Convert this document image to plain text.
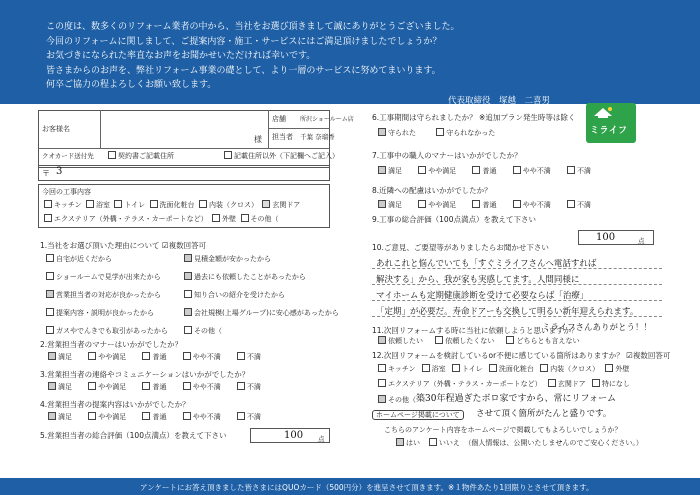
この度は、数多くのリフォーム業者の中から、当社をお選び頂きまして誠にありがとうございました。
今回のリフォームに関しまして、ご提案内容・施工・サービスにはご満足頂けましたでしょうか？
お気づきになられた率直なお声をお聞かせいただければ幸いです。
皆さまからのお声を、弊社リフォーム事業の礎として、より一層のサービスに努めてまいります。
何卒ご協力の程よろしくお願い致します。
代表取締役　塚越　二喜男
ミライフ
お客様名
様
店舗 所沢ショールーム店
担当者 千葉 奈瑠香
クオカード送付先	契約書ご記載住所	記載住所以外（下記欄へご記入）
〒 3
今回の工事内容
キッチン 浴室 トイレ 洗面化粧台 内装（クロス） 玄関ドア
エクステリア（外構・テラス・カーポートなど） 外壁 その他（
1.当社をお選び頂いた理由について ☑複数回答可
自宅が近くだから
ショールームで見学が出来たから
営業担当者の対応が良かったから
提案内容・説明が良かったから
ガスやでんきでも取引があったから
見積金額が安かったから
過去にも依頼したことがあったから
知り合いの紹介を受けたから
会社規模(上場グループ)に安心感があったから
その他（
2.営業担当者のマナーはいかがでしたか？
満足	やや満足	普通	やや不満	不満
3.営業担当者の連絡やコミュニケーションはいかがでしたか？
満足	やや満足	普通	やや不満	不満
4.営業担当者の提案内容はいかがでしたか？
満足	やや満足	普通	やや不満	不満
5.営業担当者の総合評価（100点満点）を教えて下さい	100 点
6.工事期間は守られましたか？ ※追加プラン発生時等は除く
守られた	守られなかった
7.工事中の職人のマナーはいかがでしたか？
満足	やや満足	普通	やや不満	不満
8.近隣への配慮はいかがでしたか？
満足	やや満足	普通	やや不満	不満
9.工事の総合評価（100点満点）を教えて下さい
100	点
10.ご意見、ご要望等がありましたらお聞かせ下さい
あれこれと悩んでいても「すぐミライフさんへ電話すれば
解決する」から、我が家も実感してます。人間同様に
マイホームも定期健康診断を受けて必要ならば「治療」
「定期」が必要だ。寿命ドアーも交換して明るい新年迎えられます。
ミライフさんありがとう！！
11.次回リフォームする時に当社に依頼しようと思いますか？
依頼したい	依頼したくない	どちらとも言えない
12.次回リフォームを検討しているor不便に感じている箇所はありますか？ ☑複数回答可
キッチン 浴室 トイレ 洗面化粧台 内装（クロス） 外壁
エクステリア（外構・テラス・カーポートなど） 玄関ドア 特になし
その他（ 築30年程過ぎたボロ家ですから、常にリフォーム
ホームページ掲載について	させて頂く箇所がたんと盛りです。
こちらのアンケート内容をホームページで掲載してもよろしいでしょうか？
はい	いいえ （個人情報は、公開いたしませんのでご安心ください。）
アンケートにお答え頂きました皆さまにはQUOカード（500円分）を進呈させて頂きます。※１物件あたり1回限りとさせて頂きます。
